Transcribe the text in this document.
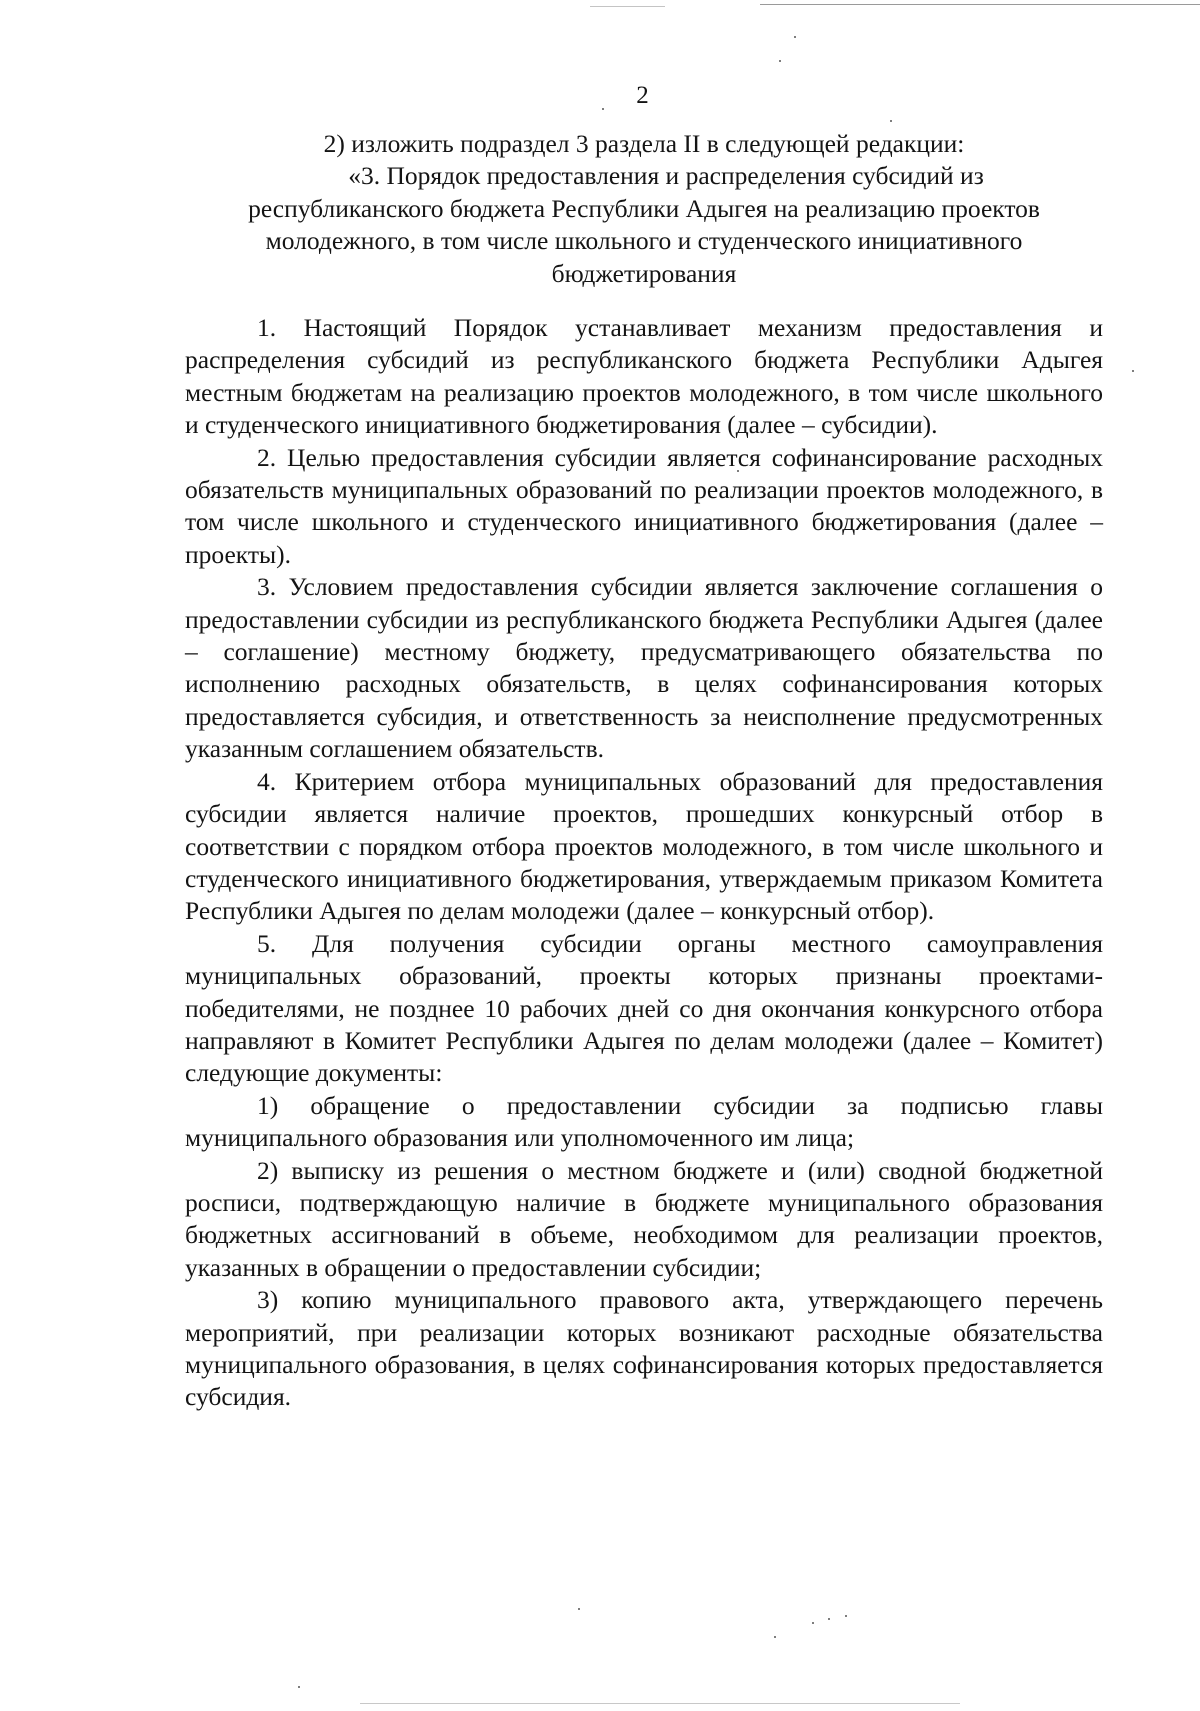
2

2) изложить подраздел 3 раздела II в следующей редакции:

«3. Порядок предоставления и распределения субсидий из

республиканского бюджета Республики Адыгея на реализацию проектов

молодежного, в том числе школьного и студенческого инициативного

бюджетирования

1. Настоящий Порядок устанавливает механизм предоставления и распределения субсидий из республиканского бюджета Республики Адыгея местным бюджетам на реализацию проектов молодежного, в том числе школьного и студенческого инициативного бюджетирования (далее – субсидии).

2. Целью предоставления субсидии является софинансирование расходных обязательств муниципальных образований по реализации проектов молодежного, в том числе школьного и студенческого инициативного бюджетирования (далее – проекты).

3. Условием предоставления субсидии является заключение соглашения о предоставлении субсидии из республиканского бюджета Республики Адыгея (далее – соглашение) местному бюджету, предусматривающего обязательства по исполнению расходных обязательств, в целях софинансирования которых предоставляется субсидия, и ответственность за неисполнение предусмотренных указанным соглашением обязательств.

4. Критерием отбора муниципальных образований для предоставления субсидии является наличие проектов, прошедших конкурсный отбор в соответствии с порядком отбора проектов молодежного, в том числе школьного и студенческого инициативного бюджетирования, утверждаемым приказом Комитета Республики Адыгея по делам молодежи (далее – конкурсный отбор).

5. Для получения субсидии органы местного самоуправления муниципальных образований, проекты которых признаны проектами-победителями, не позднее 10 рабочих дней со дня окончания конкурсного отбора направляют в Комитет Республики Адыгея по делам молодежи (далее – Комитет) следующие документы:

1) обращение о предоставлении субсидии за подписью главы муниципального образования или уполномоченного им лица;

2) выписку из решения о местном бюджете и (или) сводной бюджетной росписи, подтверждающую наличие в бюджете муниципального образования бюджетных ассигнований в объеме, необходимом для реализации проектов, указанных в обращении о предоставлении субсидии;

3) копию муниципального правового акта, утверждающего перечень мероприятий, при реализации которых возникают расходные обязательства муниципального образования, в целях софинансирования которых предоставляется субсидия.
